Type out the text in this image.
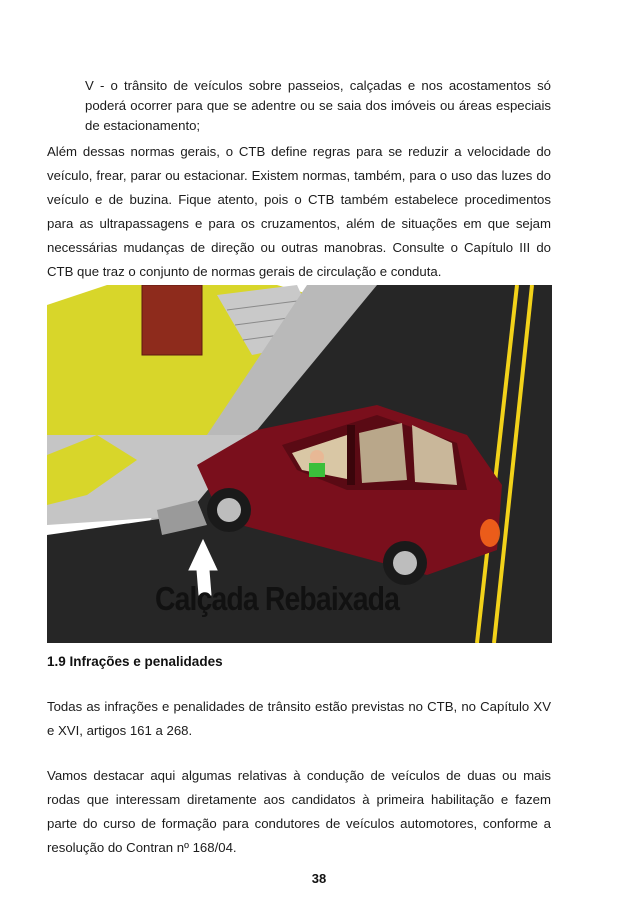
V - o trânsito de veículos sobre passeios, calçadas e nos acostamentos só poderá ocorrer para que se adentre ou se saia dos imóveis ou áreas especiais de estacionamento;

Além dessas normas gerais, o CTB define regras para se reduzir a velocidade do veículo, frear, parar ou estacionar. Existem normas, também, para o uso das luzes do veículo e de buzina. Fique atento, pois o CTB também estabelece procedimentos para as ultrapassagens e para os cruzamentos, além de situações em que sejam necessárias mudanças de direção ou outras manobras. Consulte o Capítulo III do CTB que traz o conjunto de normas gerais de circulação e conduta.

Calçada Rebaixada
1.9 Infrações e penalidades

Todas as infrações e penalidades de trânsito estão previstas no CTB, no Capítulo XV e XVI, artigos 161 a 268.

Vamos destacar aqui algumas relativas à condução de veículos de duas ou mais rodas que interessam diretamente aos candidatos à primeira habilitação e fazem parte do curso de formação para condutores de veículos automotores, conforme a resolução do Contran nº 168/04.

38
